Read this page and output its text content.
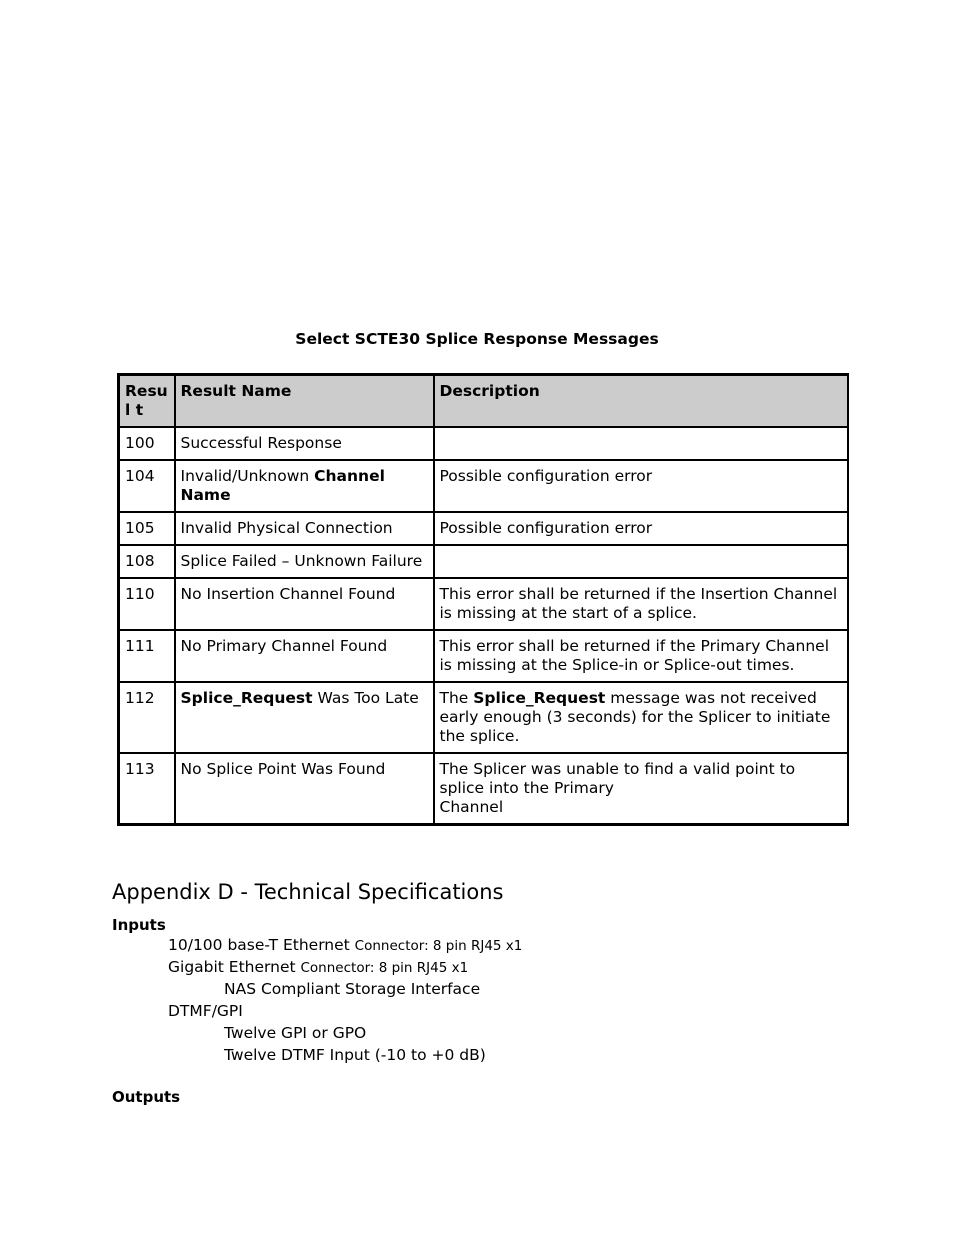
Select SCTE30 Splice Response Messages
Resul t	Result Name	Description
100	Successful Response	
104	Invalid/Unknown Channel Name	Possible configuration error
105	Invalid Physical Connection	Possible configuration error
108	Splice Failed – Unknown Failure	
110	No Insertion Channel Found	This error shall be returned if the Insertion Channel is missing at the start of a splice.
111	No Primary Channel Found	This error shall be returned if the Primary Channel is missing at the Splice-in or Splice-out times.
112	Splice_Request Was Too Late	The Splice_Request message was not received early enough (3 seconds) for the Splicer to initiate the splice.
113	No Splice Point Was Found	The Splicer was unable to find a valid point to splice into the Primary
Channel
Appendix D - Technical Specifications
Inputs
10/100 base-T Ethernet Connector: 8 pin RJ45 x1
Gigabit Ethernet Connector: 8 pin RJ45 x1
NAS Compliant Storage Interface
DTMF/GPI
Twelve GPI or GPO
Twelve DTMF Input (-10 to +0 dB)
Outputs
